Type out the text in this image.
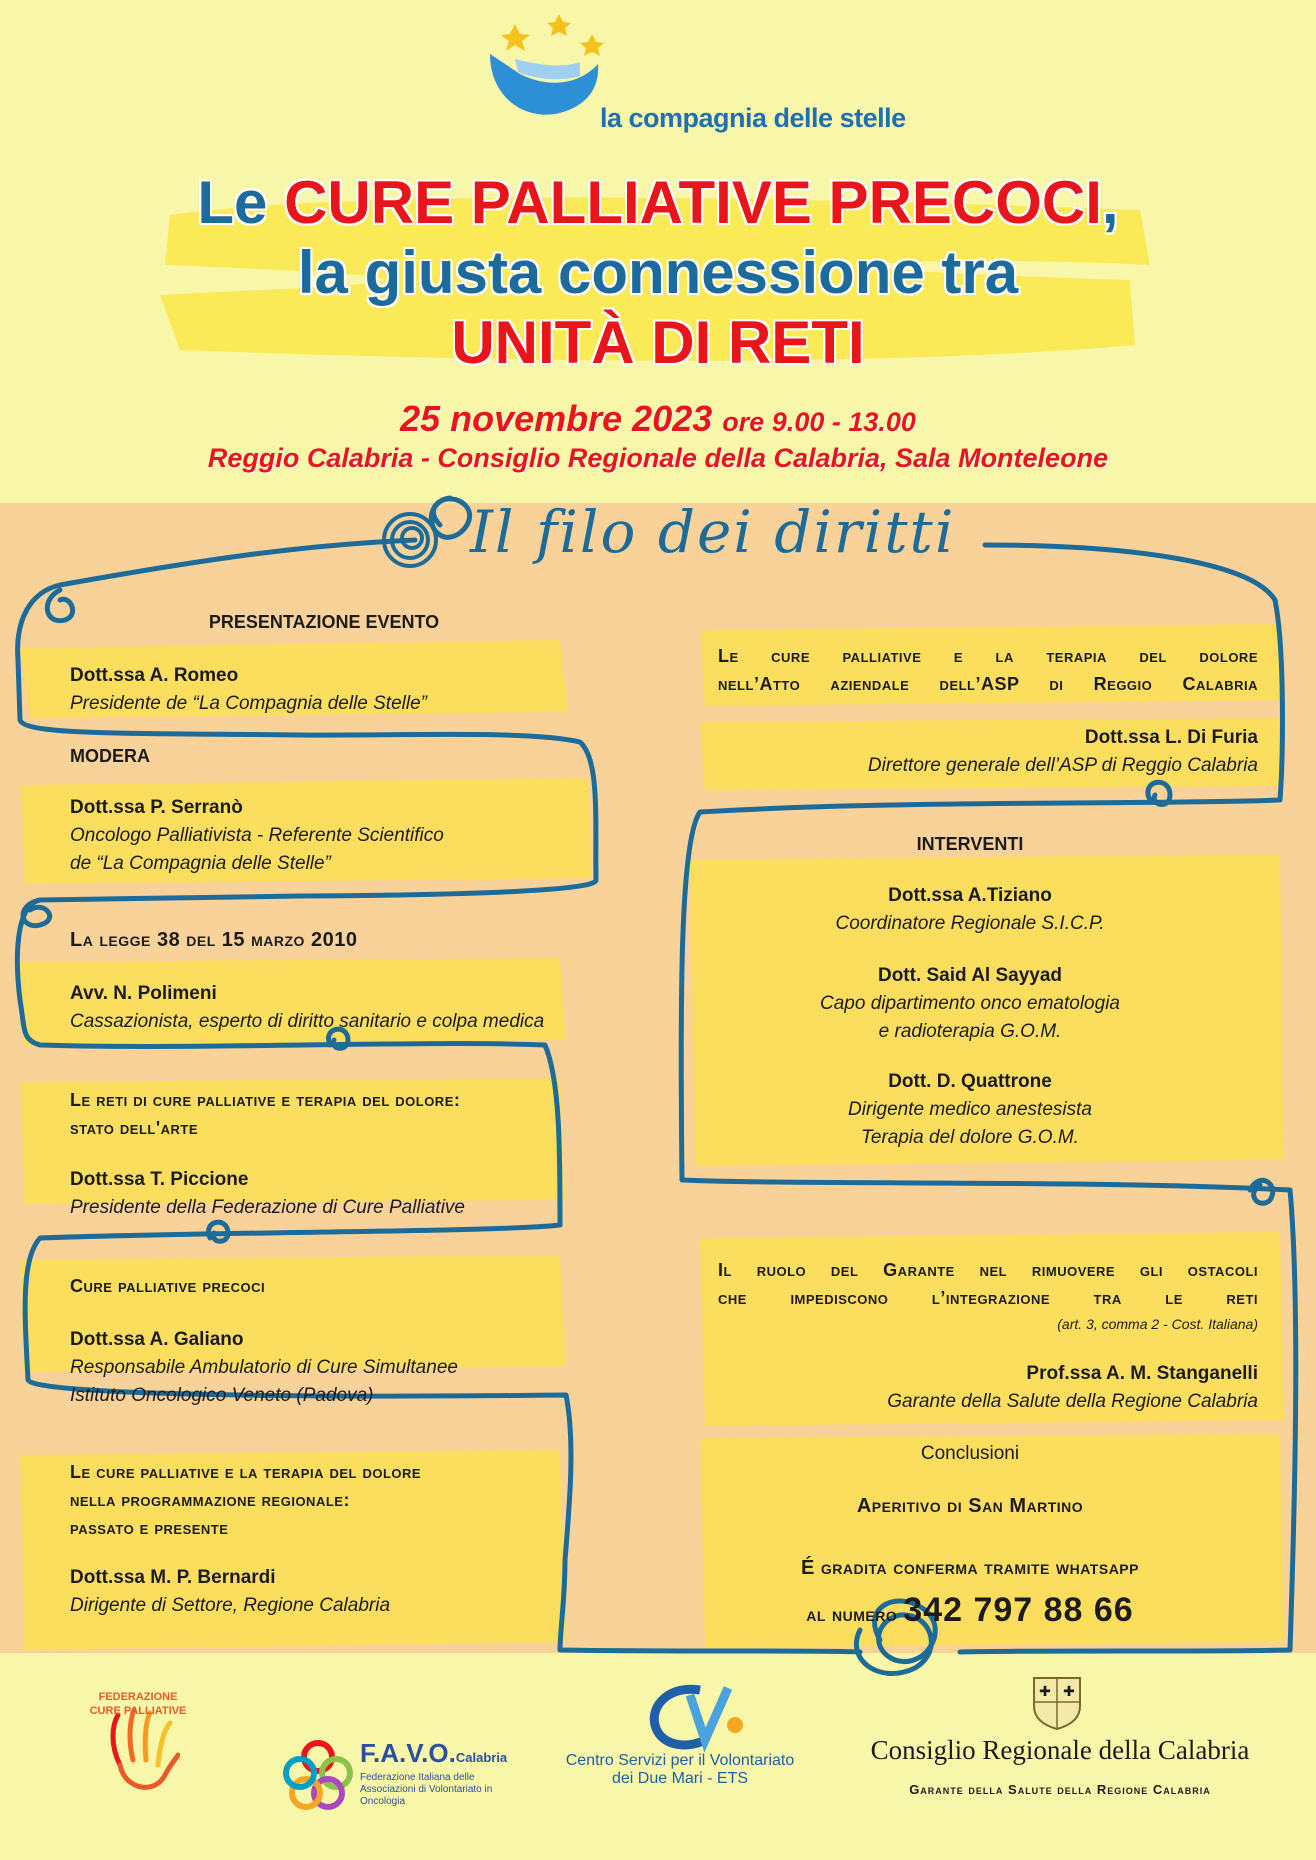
la compagnia delle stelle
Le CURE PALLIATIVE PRECOCI,
la giusta connessione tra
UNITÀ DI RETI
25 novembre 2023 ore 9.00 - 13.00
Reggio Calabria - Consiglio Regionale della Calabria, Sala Monteleone
Il filo dei diritti
PRESENTAZIONE EVENTO
Dott.ssa A. Romeo
Presidente de “La Compagnia delle Stelle”
MODERA
Dott.ssa P. Serranò
Oncologo Palliativista - Referente Scientifico
de “La Compagnia delle Stelle”
La legge 38 del 15 marzo 2010
Avv. N. Polimeni
Cassazionista, esperto di diritto sanitario e colpa medica
Le reti di cure palliative e terapia del dolore:
stato dell'arte
Dott.ssa T. Piccione
Presidente della Federazione di Cure Palliative
Cure palliative precoci
Dott.ssa A. Galiano
Responsabile Ambulatorio di Cure Simultanee
Istituto Oncologico Veneto (Padova)
Le cure palliative e la terapia del dolore
nella programmazione regionale:
passato e presente
Dott.ssa M. P. Bernardi
Dirigente di Settore, Regione Calabria
Le cure palliative e la terapia del dolore
nell’Atto aziendale dell’ASP di Reggio Calabria
Dott.ssa L. Di Furia
Direttore generale dell’ASP di Reggio Calabria
INTERVENTI
Dott.ssa A.Tiziano
Coordinatore Regionale S.I.C.P.
Dott. Said Al Sayyad
Capo dipartimento onco ematologia
e radioterapia G.O.M.
Dott. D. Quattrone
Dirigente medico anestesista
Terapia del dolore G.O.M.
Il ruolo del Garante nel rimuovere gli ostacoli
che impediscono l’integrazione tra le reti
(art. 3, comma 2 - Cost. Italiana)
Prof.ssa A. M. Stanganelli
Garante della Salute della Regione Calabria
Conclusioni
Aperitivo di San Martino
É gradita conferma tramite whatsapp
al numero 342 797 88 66
FEDERAZIONE
CURE PALLIATIVE
F.A.V.O.Calabria
Federazione Italiana delle Associazioni di Volontariato in Oncologia
Centro Servizi per il Volontariato
dei Due Mari - ETS
✚ ✚
Consiglio Regionale della Calabria
Garante della Salute della Regione Calabria
